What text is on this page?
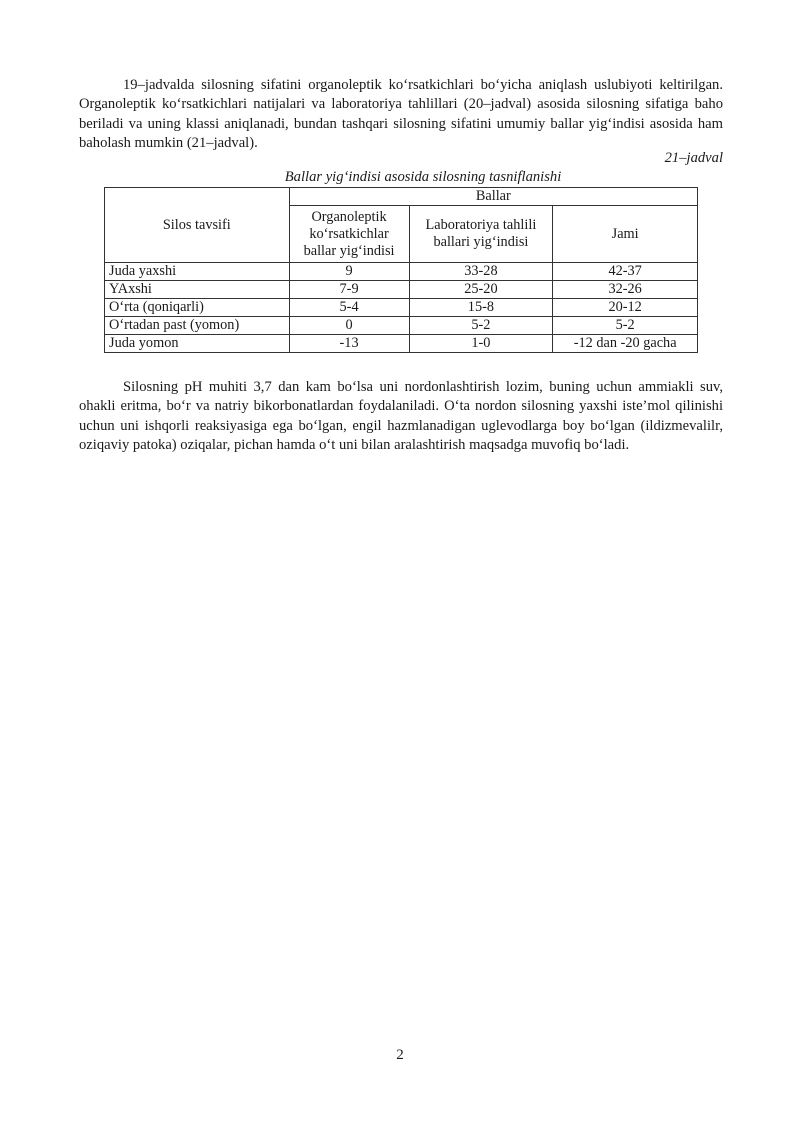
19–jadvalda silosning sifatini organoleptik ko‘rsatkichlari bo‘yicha aniqlash uslubiyoti keltirilgan. Organoleptik ko‘rsatkichlari natijalari va laboratoriya tahlillari (20–jadval) asosida silosning sifatiga baho beriladi va uning klassi aniqlanadi, bundan tashqari silosning sifatini umumiy ballar yig‘indisi asosida ham baholash mumkin (21–jadval).

21–jadval
Ballar yig‘indisi asosida silosning tasniflanishi
Silos tavsifi	Ballar		
	Organoleptik ko‘rsatkichlar ballar yig‘indisi	Laboratoriya tahlili ballari yig‘indisi	Jami
Juda yaxshi	9	33-28	42-37
YAxshi	7-9	25-20	32-26
O‘rta (qoniqarli)	5-4	15-8	20-12
O‘rtadan past (yomon)	0	5-2	5-2
Juda yomon	-13	1-0	-12 dan -20 gacha

Silosning pH muhiti 3,7 dan kam bo‘lsa uni nordonlashtirish lozim, buning uchun ammiakli suv, ohakli eritma, bo‘r va natriy bikorbonatlardan foydalaniladi. O‘ta nordon silosning yaxshi iste’mol qilinishi uchun uni ishqorli reaksiyasiga ega bo‘lgan, engil hazmlanadigan uglevodlarga boy bo‘lgan (ildizmevalilr, oziqaviy patoka) oziqalar, pichan hamda o‘t uni bilan aralashtirish maqsadga muvofiq bo‘ladi.

2
